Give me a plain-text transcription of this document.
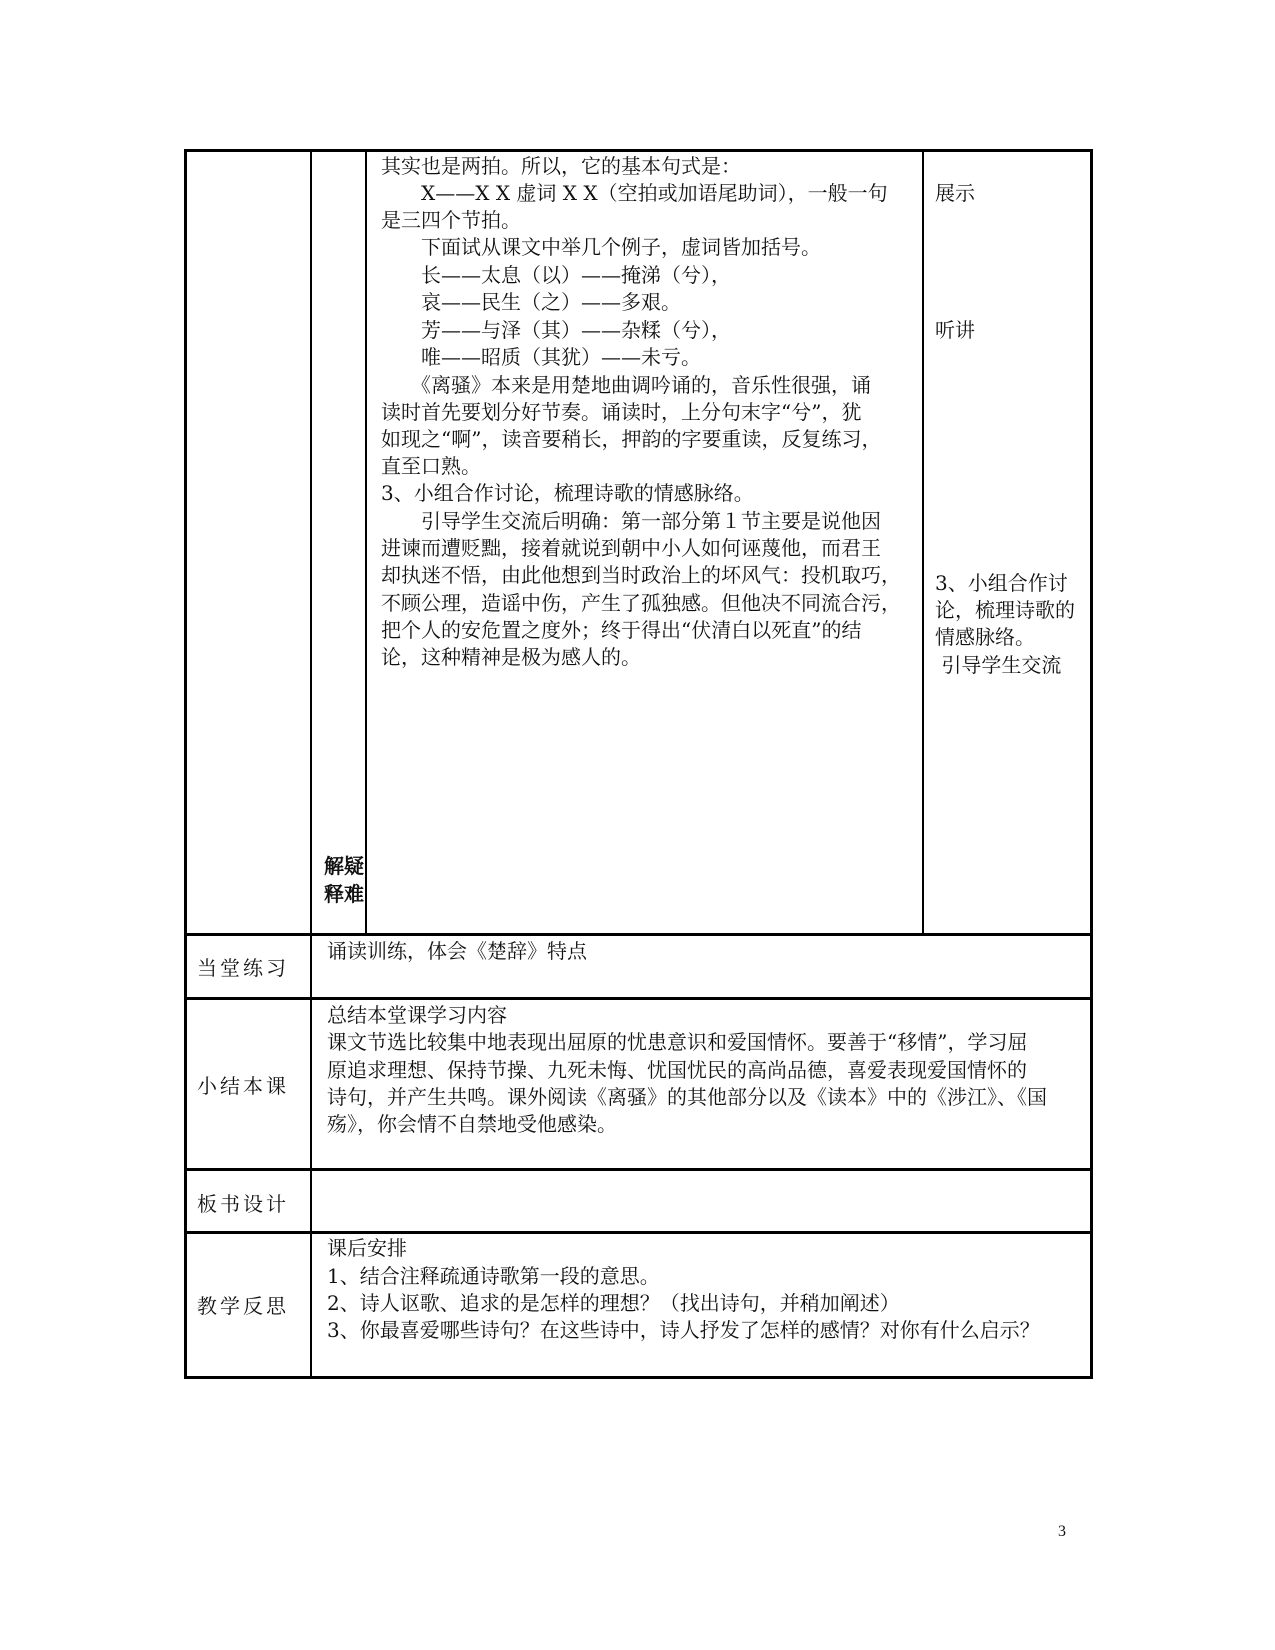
解疑
释难
其实也是两拍。所以，它的基本句式是：
　　X——X X 虚词 X X（空拍或加语尾助词），一般一句
是三四个节拍。
　　下面试从课文中举几个例子，虚词皆加括号。
　　长——太息（以）——掩涕（兮），
　　哀——民生（之）——多艰。
　　芳——与泽（其）——杂糅（兮），
　　唯——昭质（其犹）——未亏。
　　《离骚》本来是用楚地曲调吟诵的，音乐性很强，诵
读时首先要划分好节奏。诵读时，上分句末字“兮”，犹
如现之“啊”，读音要稍长，押韵的字要重读，反复练习，
直至口熟。
3、小组合作讨论，梳理诗歌的情感脉络。
　　引导学生交流后明确：第一部分第１节主要是说他因
进谏而遭贬黜，接着就说到朝中小人如何诬蔑他，而君王
却执迷不悟，由此他想到当时政治上的坏风气：投机取巧，
不顾公理，造谣中伤，产生了孤独感。但他决不同流合污，
把个人的安危置之度外；终于得出“伏清白以死直”的结
论，这种精神是极为感人的。
展示
听讲
3、小组合作讨
论，梳理诗歌的
情感脉络。
引导学生交流
当堂练习
诵读训练，体会《楚辞》特点
小结本课
总结本堂课学习内容
课文节选比较集中地表现出屈原的忧患意识和爱国情怀。要善于“移情”，学习屈
原追求理想、保持节操、九死未悔、忧国忧民的高尚品德，喜爱表现爱国情怀的
诗句，并产生共鸣。课外阅读《离骚》的其他部分以及《读本》中的《涉江》、《国
殇》，你会情不自禁地受他感染。
板书设计
教学反思
课后安排
1、结合注释疏通诗歌第一段的意思。
2、诗人讴歌、追求的是怎样的理想？（找出诗句，并稍加阐述）
3、你最喜爱哪些诗句？在这些诗中，诗人抒发了怎样的感情？对你有什么启示？
3
